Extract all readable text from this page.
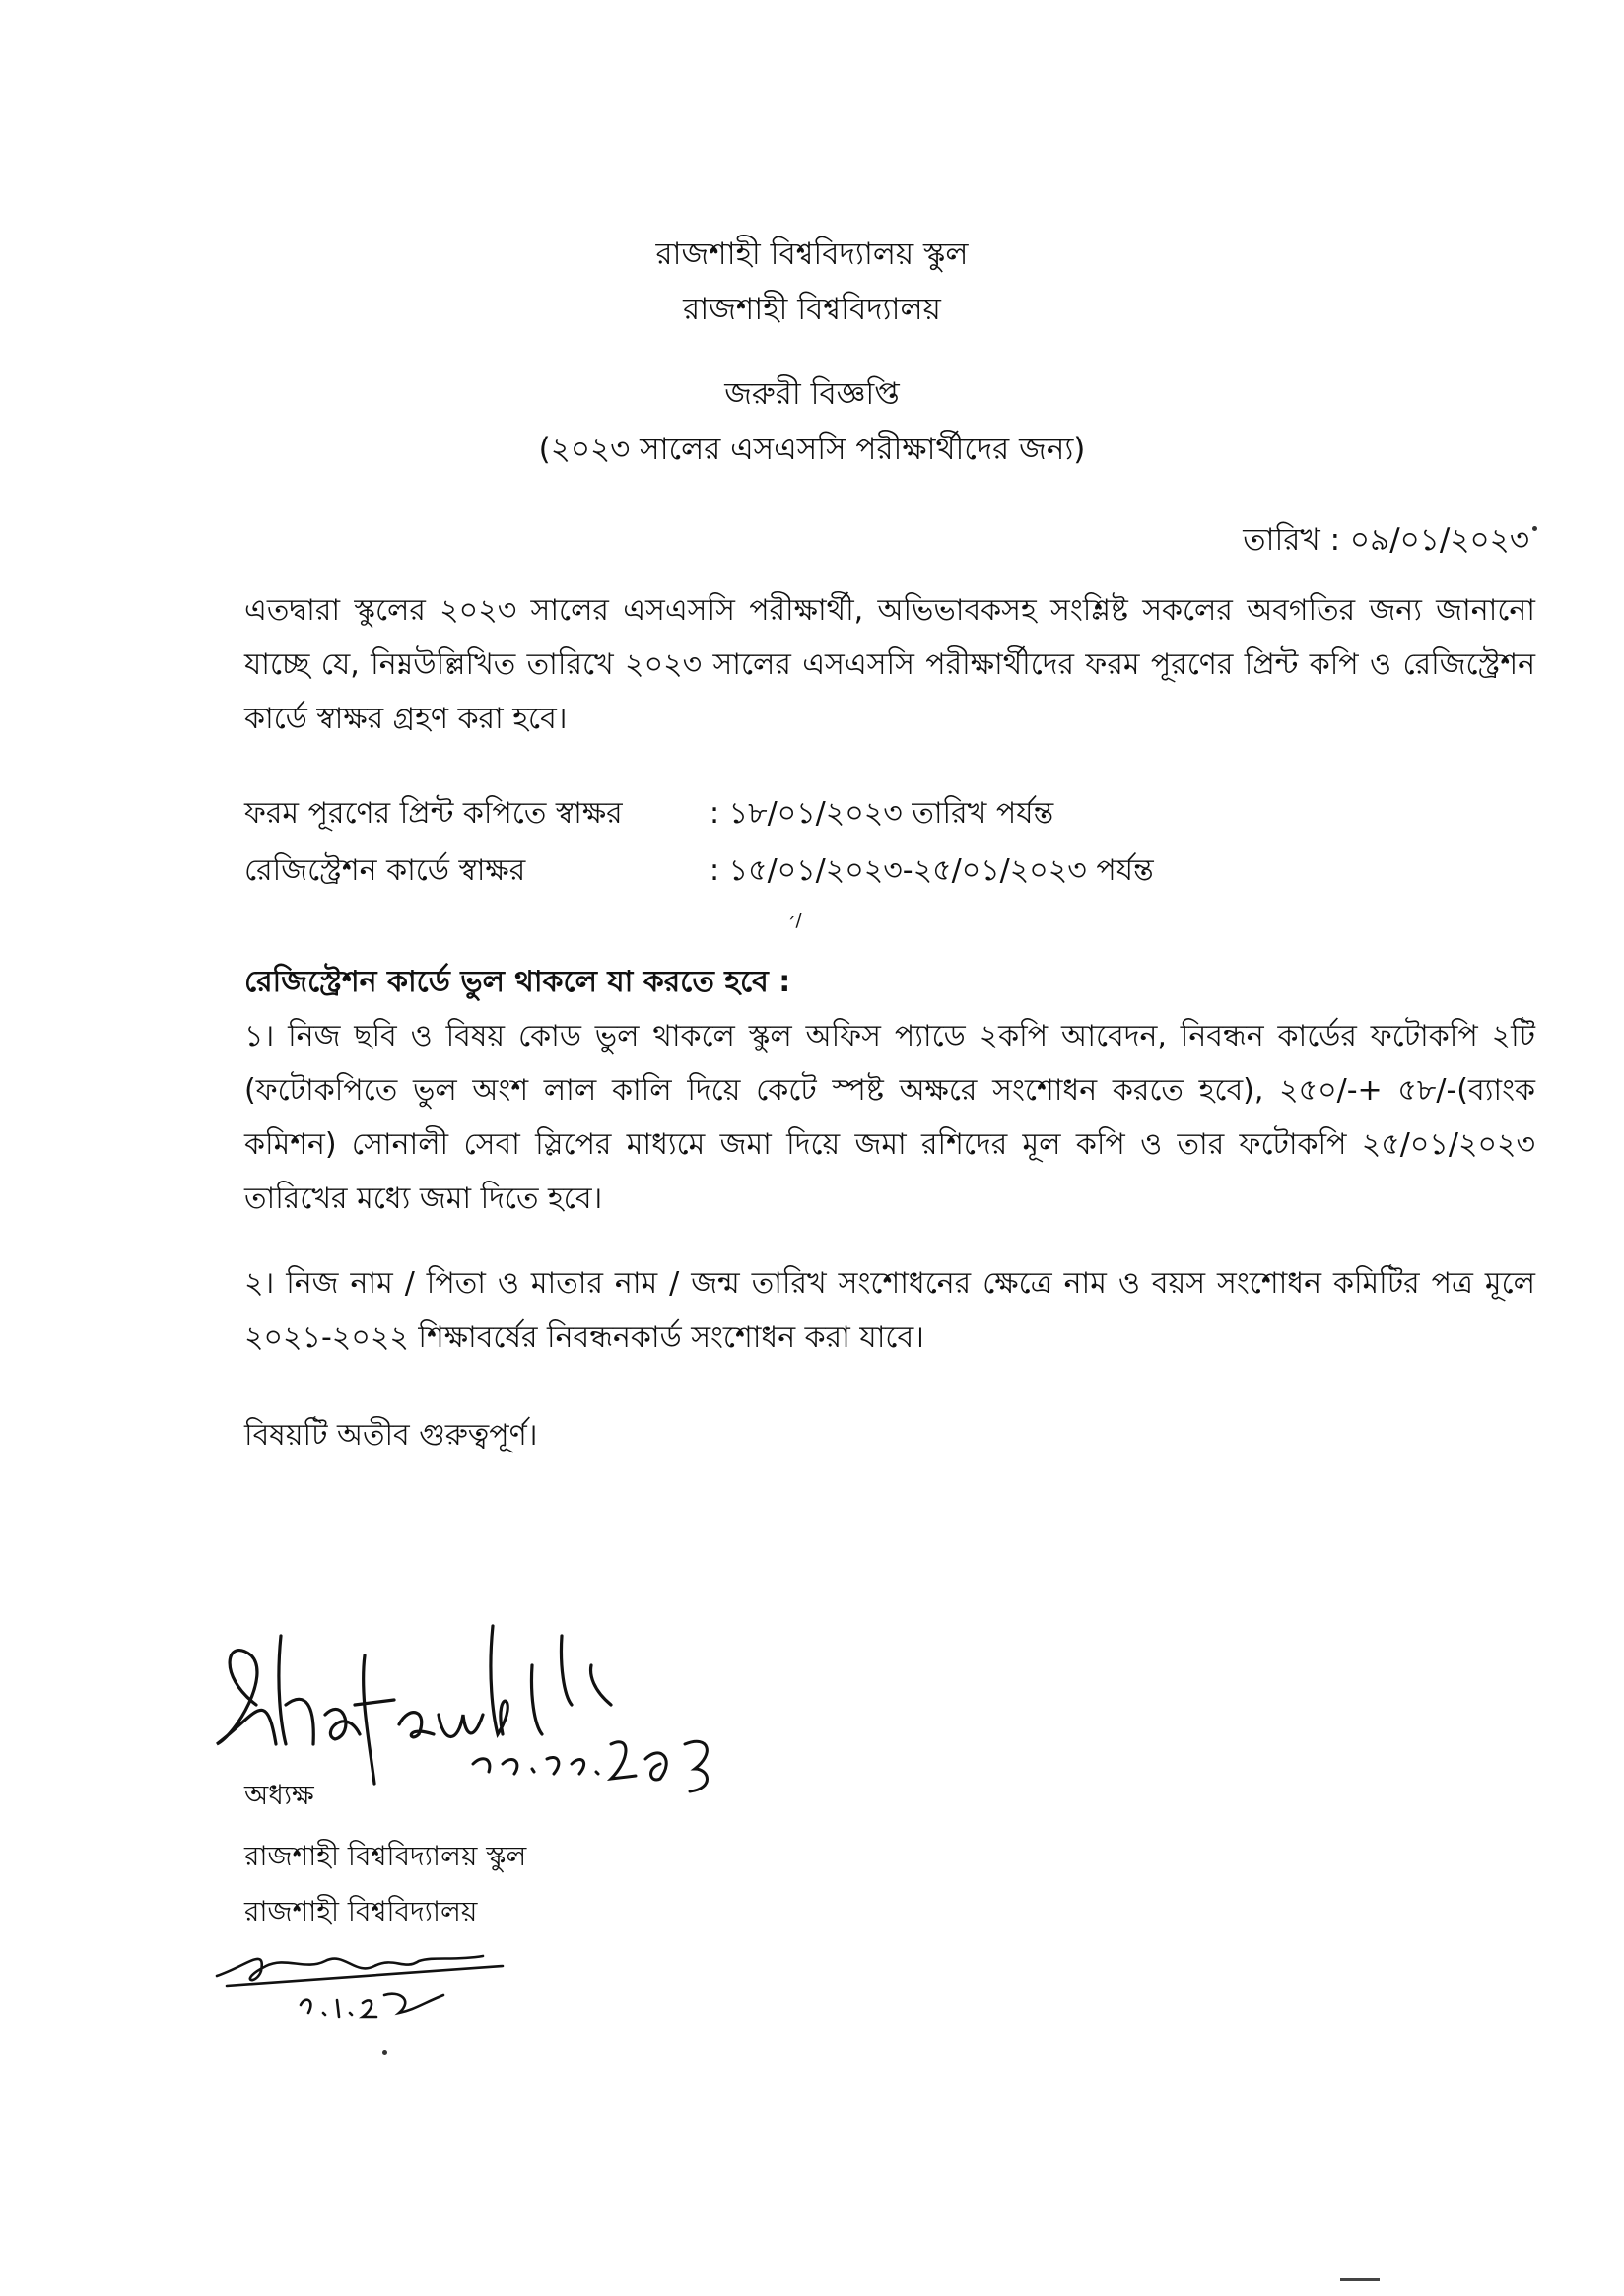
রাজশাহী বিশ্ববিদ্যালয় স্কুল
রাজশাহী বিশ্ববিদ্যালয়
জরুরী বিজ্ঞপ্তি
(২০২৩ সালের এসএসসি পরীক্ষার্থীদের জন্য)
তারিখ : ০৯/০১/২০২৩
এতদ্বারা স্কুলের ২০২৩ সালের এসএসসি পরীক্ষার্থী, অভিভাবকসহ সংশ্লিষ্ট সকলের অবগতির জন্য জানানো যাচ্ছে যে, নিম্নউল্লিখিত তারিখে ২০২৩ সালের এসএসসি পরীক্ষার্থীদের ফরম পূরণের প্রিন্ট কপি ও রেজিস্ট্রেশন কার্ডে স্বাক্ষর গ্রহণ করা হবে।
ফরম পূরণের প্রিন্ট কপিতে স্বাক্ষর	: ১৮/০১/২০২৩ তারিখ পর্যন্ত
রেজিস্ট্রেশন কার্ডে স্বাক্ষর	: ১৫/০১/২০২৩-২৫/০১/২০২৩ পর্যন্ত
׳/
রেজিস্ট্রেশন কার্ডে ভুল থাকলে যা করতে হবে :
১। নিজ ছবি ও বিষয় কোড ভুল থাকলে স্কুল অফিস প্যাডে ২কপি আবেদন, নিবন্ধন কার্ডের ফটোকপি ২টি (ফটোকপিতে ভুল অংশ লাল কালি দিয়ে কেটে স্পষ্ট অক্ষরে সংশোধন করতে হবে), ২৫০/-+ ৫৮/-(ব্যাংক কমিশন) সোনালী সেবা স্লিপের মাধ্যমে জমা দিয়ে জমা রশিদের মূল কপি ও তার ফটোকপি ২৫/০১/২০২৩ তারিখের মধ্যে জমা দিতে হবে।
২। নিজ নাম / পিতা ও মাতার নাম / জন্ম তারিখ সংশোধনের ক্ষেত্রে নাম ও বয়স সংশোধন কমিটির পত্র মূলে ২০২১-২০২২ শিক্ষাবর্ষের নিবন্ধনকার্ড সংশোধন করা যাবে।
বিষয়টি অতীব গুরুত্বপূর্ণ।
অধ্যক্ষ
রাজশাহী বিশ্ববিদ্যালয় স্কুল
রাজশাহী বিশ্ববিদ্যালয়
